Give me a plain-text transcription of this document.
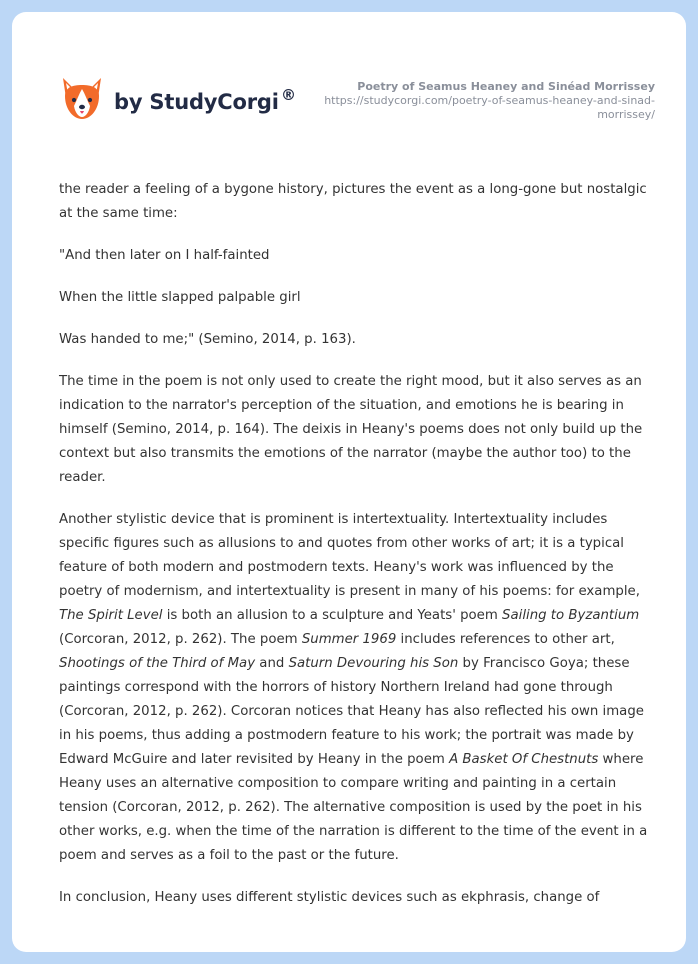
by StudyCorgi ®	Poetry of Seamus Heaney and Sinéad Morrissey
https://studycorgi.com/poetry-of-seamus-heaney-and-sinad-morrissey/

the reader a feeling of a bygone history, pictures the event as a long-gone but nostalgic at the same time:

"And then later on I half-fainted

When the little slapped palpable girl

Was handed to me;" (Semino, 2014, p. 163).

The time in the poem is not only used to create the right mood, but it also serves as an indication to the narrator's perception of the situation, and emotions he is bearing in himself (Semino, 2014, p. 164). The deixis in Heany's poems does not only build up the context but also transmits the emotions of the narrator (maybe the author too) to the reader.

Another stylistic device that is prominent is intertextuality. Intertextuality includes specific figures such as allusions to and quotes from other works of art; it is a typical feature of both modern and postmodern texts. Heany's work was influenced by the poetry of modernism, and intertextuality is present in many of his poems: for example, The Spirit Level is both an allusion to a sculpture and Yeats' poem Sailing to Byzantium (Corcoran, 2012, p. 262). The poem Summer 1969 includes references to other art, Shootings of the Third of May and Saturn Devouring his Son by Francisco Goya; these paintings correspond with the horrors of history Northern Ireland had gone through (Corcoran, 2012, p. 262). Corcoran notices that Heany has also reflected his own image in his poems, thus adding a postmodern feature to his work; the portrait was made by Edward McGuire and later revisited by Heany in the poem A Basket Of Chestnuts where Heany uses an alternative composition to compare writing and painting in a certain tension (Corcoran, 2012, p. 262). The alternative composition is used by the poet in his other works, e.g. when the time of the narration is different to the time of the event in a poem and serves as a foil to the past or the future.

In conclusion, Heany uses different stylistic devices such as ekphrasis, change of
